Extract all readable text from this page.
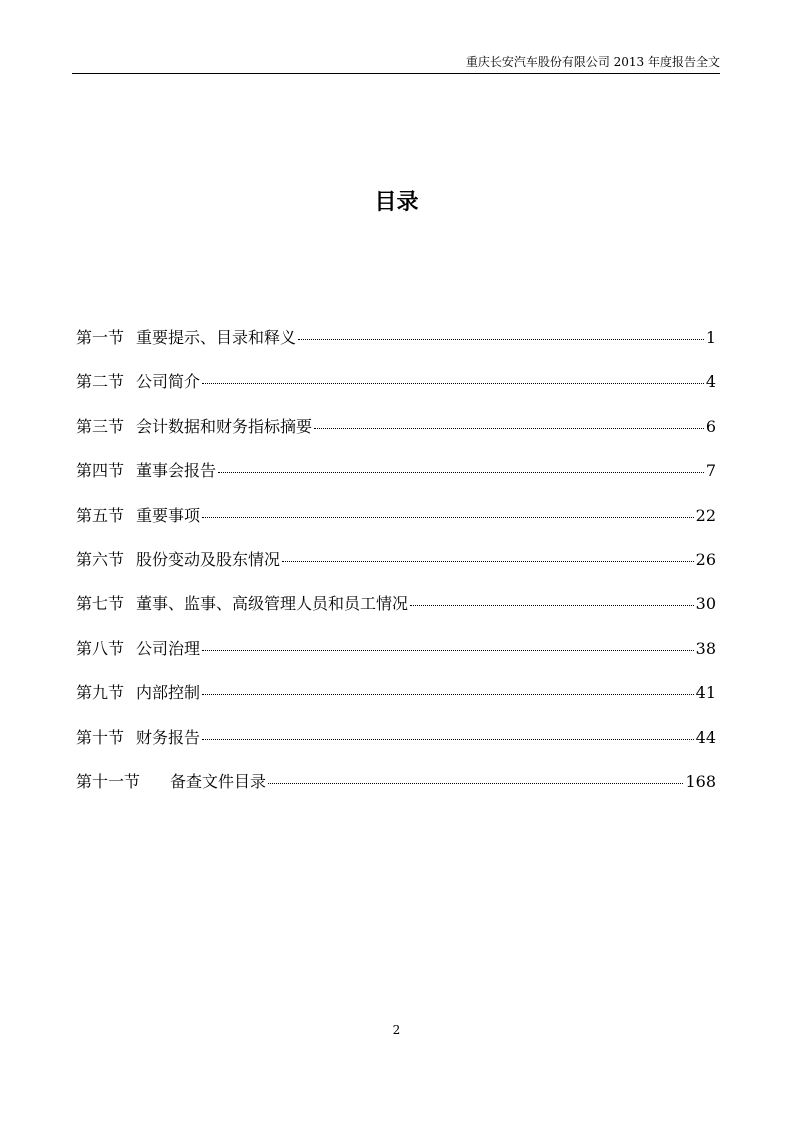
重庆长安汽车股份有限公司 2013 年度报告全文
目录
第一节 重要提示、目录和释义	1
第二节 公司简介	4
第三节 会计数据和财务指标摘要	6
第四节 董事会报告	7
第五节 重要事项	22
第六节 股份变动及股东情况	26
第七节 董事、监事、高级管理人员和员工情况	30
第八节 公司治理	38
第九节 内部控制	41
第十节 财务报告	44
第十一节 备查文件目录	168
2
